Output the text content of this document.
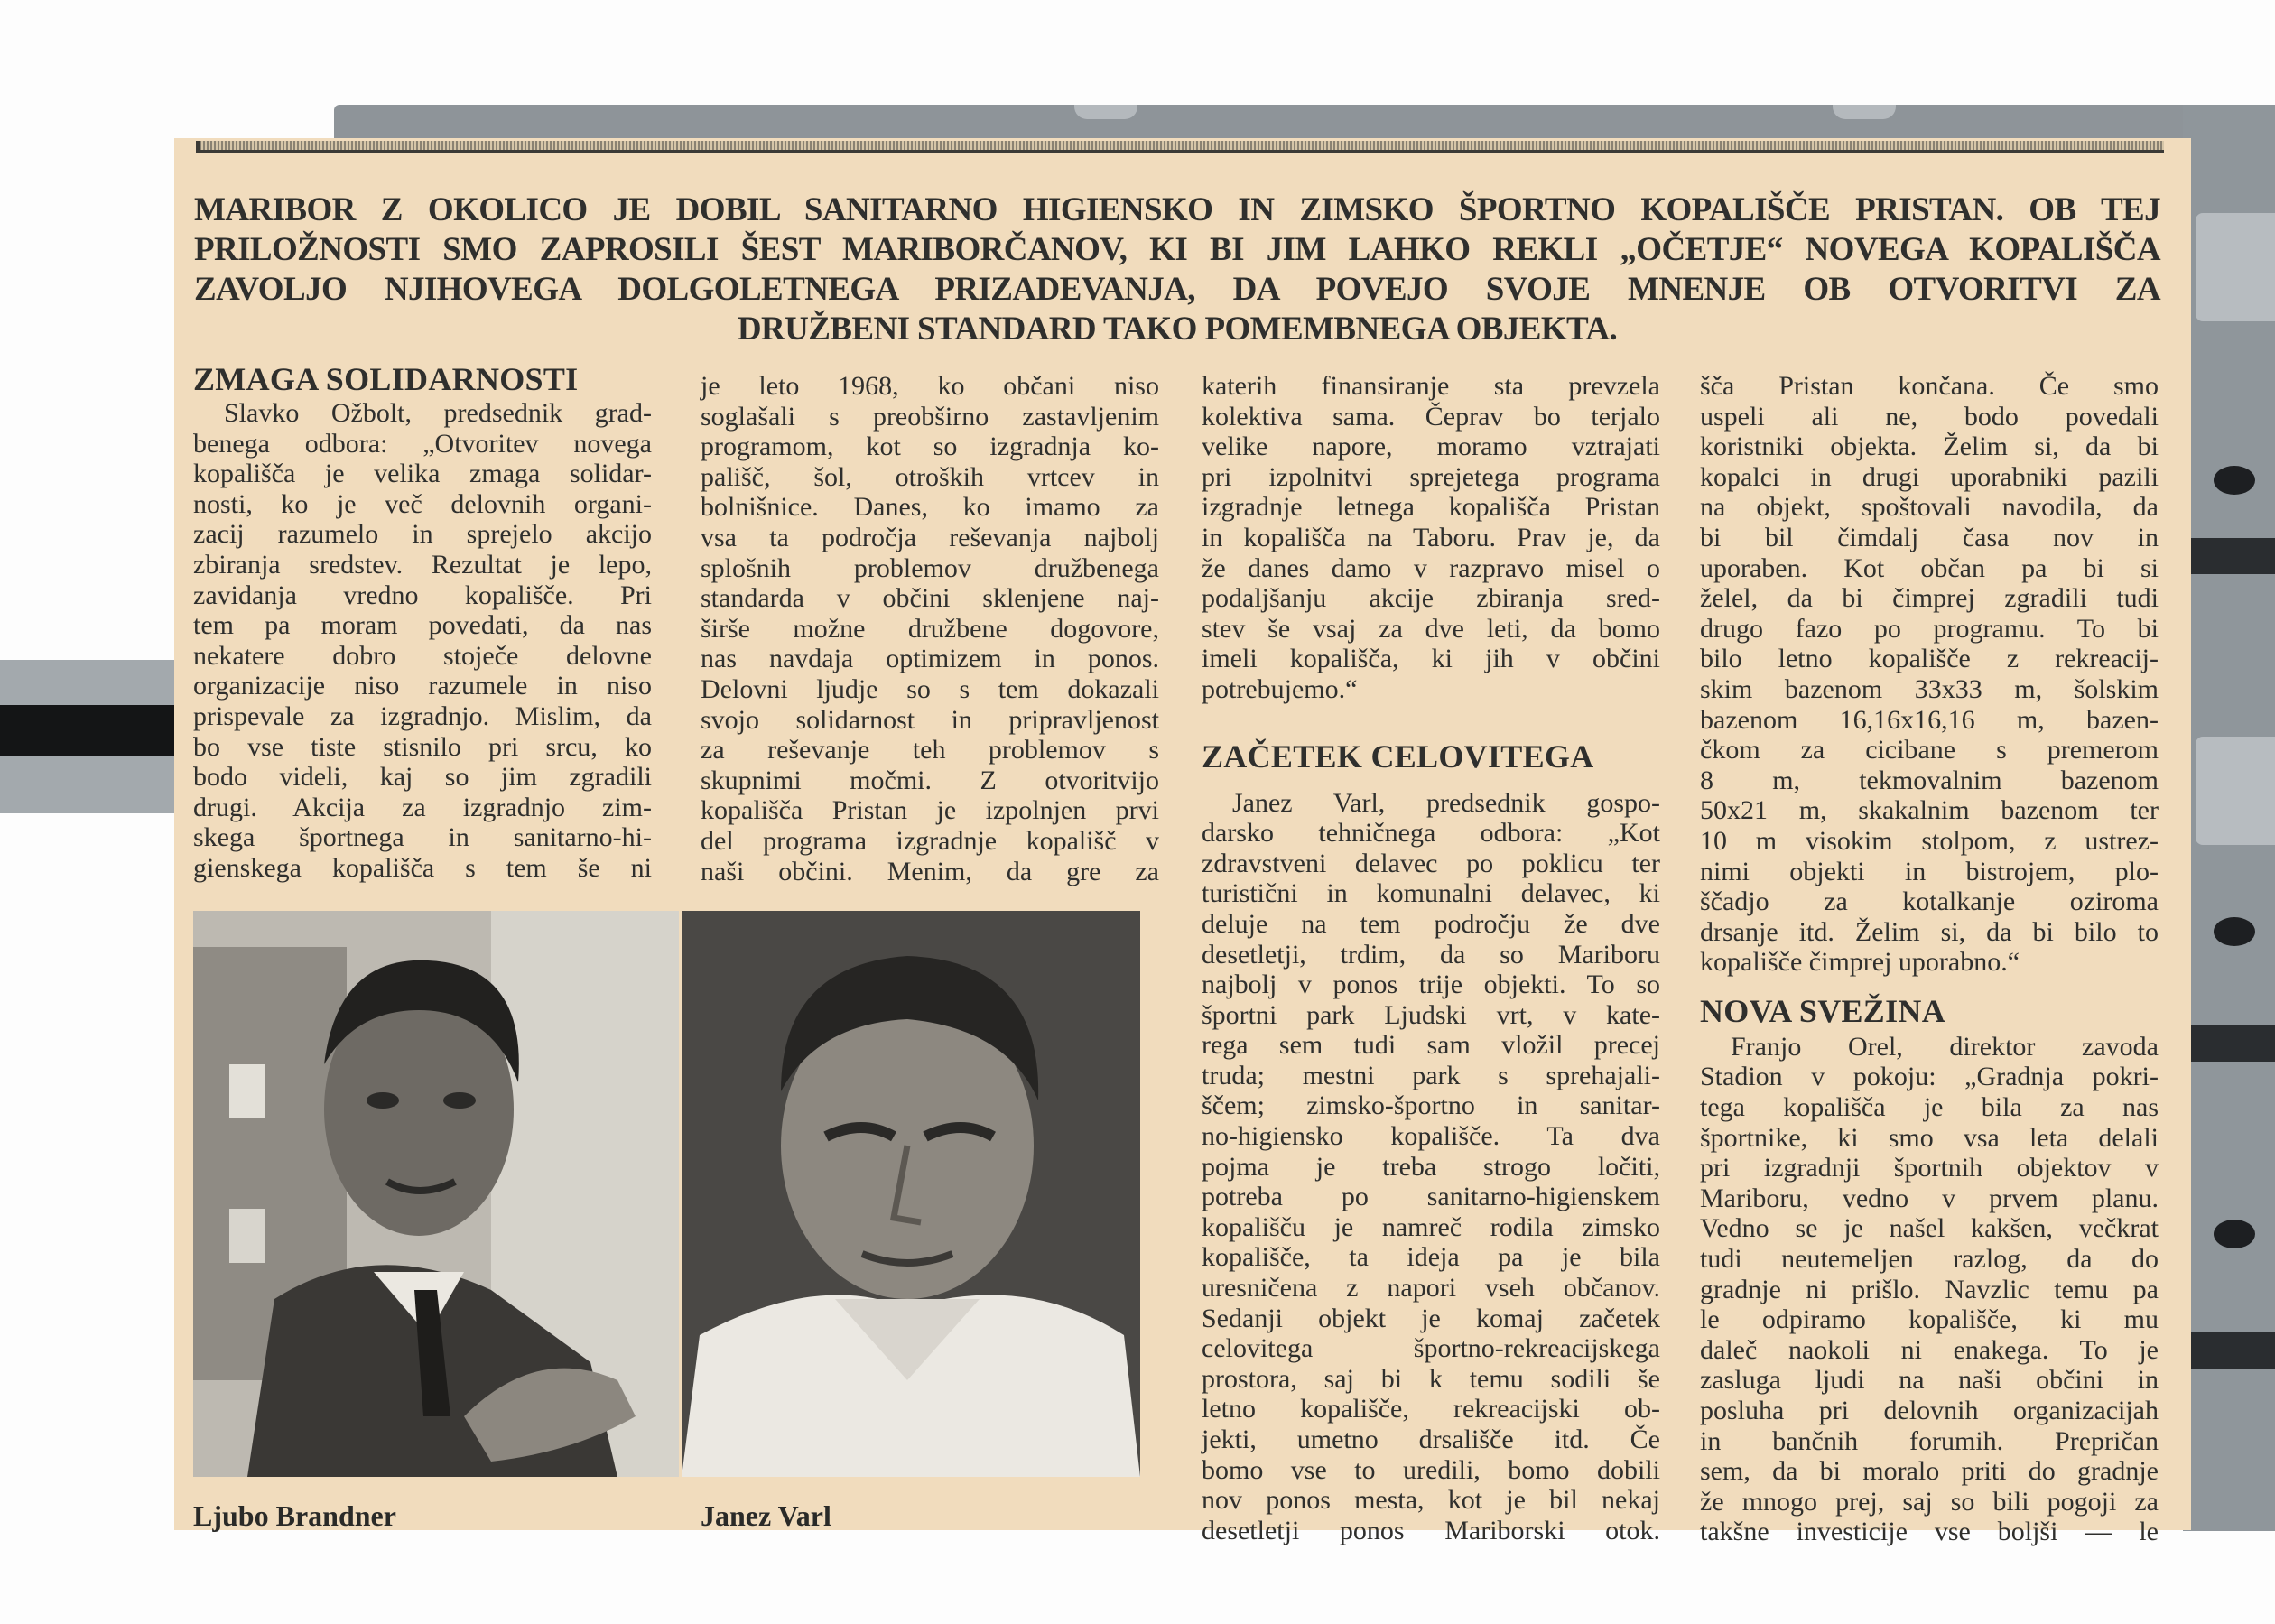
MARIBOR Z OKOLICO JE DOBIL SANITARNO HIGIENSKO IN ZIMSKO ŠPORTNO KOPALIŠČE PRISTAN. OB TEJ
PRILOŽNOSTI SMO ZAPROSILI ŠEST MARIBORČANOV, KI BI JIM LAHKO REKLI „OČETJE“ NOVEGA KOPALIŠČA
ZAVOLJO NJIHOVEGA DOLGOLETNEGA PRIZADEVANJA, DA POVEJO SVOJE MNENJE OB OTVORITVI ZA
DRUŽBENI STANDARD TAKO POMEMBNEGA OBJEKTA.
ZMAGA SOLIDARNOSTI
Slavko Ožbolt, predsednik grad-
benega odbora: „Otvoritev novega
kopališča je velika zmaga solidar-
nosti, ko je več delovnih organi-
zacij razumelo in sprejelo akcijo
zbiranja sredstev. Rezultat je lepo,
zavidanja vredno kopališče. Pri
tem pa moram povedati, da nas
nekatere dobro stoječe delovne
organizacije niso razumele in niso
prispevale za izgradnjo. Mislim, da
bo vse tiste stisnilo pri srcu, ko
bodo videli, kaj so jim zgradili
drugi. Akcija za izgradnjo zim-
skega športnega in sanitarno-hi-
gienskega kopališča s tem še ni
Ljubo Brandner	Janez Varl
je leto 1968, ko občani niso
soglašali s preobširno zastavljenim
programom, kot so izgradnja ko-
pališč, šol, otroških vrtcev in
bolnišnice. Danes, ko imamo za
vsa ta področja reševanja najbolj
splošnih problemov družbenega
standarda v občini sklenjene naj-
širše možne družbene dogovore,
nas navdaja optimizem in ponos.
Delovni ljudje so s tem dokazali
svojo solidarnost in pripravljenost
za reševanje teh problemov s
skupnimi močmi. Z otvoritvijo
kopališča Pristan je izpolnjen prvi
del programa izgradnje kopališč v
naši občini. Menim, da gre za
katerih finansiranje sta prevzela
kolektiva sama. Čeprav bo terjalo
velike napore, moramo vztrajati
pri izpolnitvi sprejetega programa
izgradnje letnega kopališča Pristan
in kopališča na Taboru. Prav je, da
že danes damo v razpravo misel o
podaljšanju akcije zbiranja sred-
stev še vsaj za dve leti, da bomo
imeli kopališča, ki jih v občini
potrebujemo.“
ZAČETEK CELOVITEGA
Janez Varl, predsednik gospo-
darsko tehničnega odbora: „Kot
zdravstveni delavec po poklicu ter
turistični in komunalni delavec, ki
deluje na tem področju že dve
desetletji, trdim, da so Mariboru
najbolj v ponos trije objekti. To so
športni park Ljudski vrt, v kate-
rega sem tudi sam vložil precej
truda; mestni park s sprehajali-
ščem; zimsko-športno in sanitar-
no-higiensko kopališče. Ta dva
pojma je treba strogo ločiti,
potreba po sanitarno-higienskem
kopališču je namreč rodila zimsko
kopališče, ta ideja pa je bila
uresničena z napori vseh občanov.
Sedanji objekt je komaj začetek
celovitega športno-rekreacijskega
prostora, saj bi k temu sodili še
letno kopališče, rekreacijski ob-
jekti, umetno drsališče itd. Če
bomo vse to uredili, bomo dobili
nov ponos mesta, kot je bil nekaj
desetletji ponos Mariborski otok.
šča Pristan končana. Če smo
uspeli ali ne, bodo povedali
koristniki objekta. Želim si, da bi
kopalci in drugi uporabniki pazili
na objekt, spoštovali navodila, da
bi bil čimdalj časa nov in
uporaben. Kot občan pa bi si
želel, da bi čimprej zgradili tudi
drugo fazo po programu. To bi
bilo letno kopališče z rekreacij-
skim bazenom 33x33 m, šolskim
bazenom 16,16x16,16 m, bazen-
čkom za cicibane s premerom
8 m, tekmovalnim bazenom
50x21 m, skakalnim bazenom ter
10 m visokim stolpom, z ustrez-
nimi objekti in bistrojem, plo-
ščadjo za kotalkanje oziroma
drsanje itd. Želim si, da bi bilo to
kopališče čimprej uporabno.“
NOVA SVEŽINA
Franjo Orel, direktor zavoda
Stadion v pokoju: „Gradnja pokri-
tega kopališča je bila za nas
športnike, ki smo vsa leta delali
pri izgradnji športnih objektov v
Mariboru, vedno v prvem planu.
Vedno se je našel kakšen, večkrat
tudi neutemeljen razlog, da do
gradnje ni prišlo. Navzlic temu pa
le odpiramo kopališče, ki mu
daleč naokoli ni enakega. To je
zasluga ljudi na naši občini in
posluha pri delovnih organizacijah
in bančnih forumih. Prepričan
sem, da bi moralo priti do gradnje
že mnogo prej, saj so bili pogoji za
takšne investicije vse boljši — le
